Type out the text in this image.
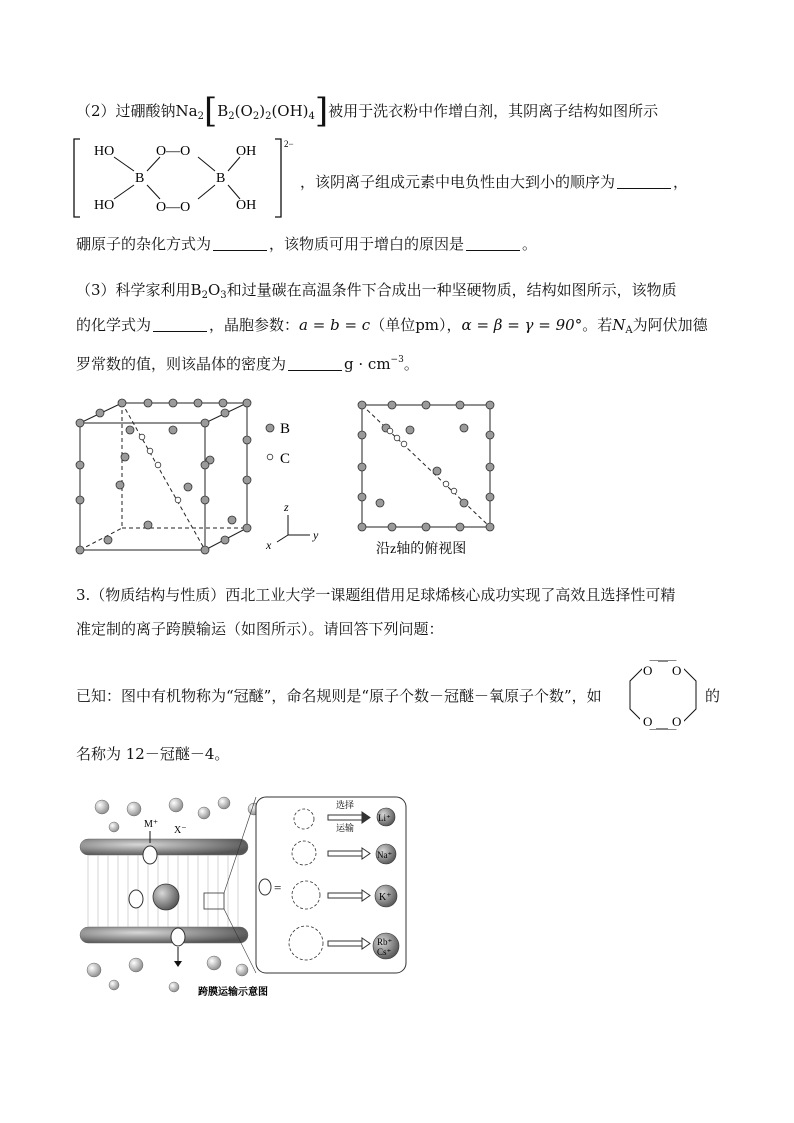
（2）过硼酸钠$Na_2[B_2(O_2)_2(OH)_4]$被用于洗衣粉中作增白剂，其阴离子结构如图所示
2−
HO
HO
B
O—O
O—O
B
OH
OH
，该阴离子组成元素中电负性由大到小的顺序为	，
硼原子的杂化方式为	，该物质可用于增白的原因是	。
（3）科学家利用$B_2O_3$和过量碳在高温条件下合成出一种坚硬物质，结构如图所示，该物质
的化学式为	，晶胞参数：a = b = c（单位pm），α = β = γ = 90°。若$N_A$为阿伏加德
罗常数的值，则该晶体的密度为	$g \cdot cm^{-3}$。
B
C
z
y
x	沿z轴的俯视图
3.（物质结构与性质）西北工业大学一课题组借用足球烯核心成功实现了高效且选择性可精
准定制的离子跨膜输运（如图所示）。请回答下列问题：
已知：图中有机物称为“冠醚”，命名规则是“原子个数－冠醚－氧原子个数”，如
O O
O O
的
名称为 12－冠醚－4。
M⁺
X⁻
=
选择
运输
Li⁺
Na⁺
K⁺
Rb⁺
Cs⁺
跨膜运输示意图
